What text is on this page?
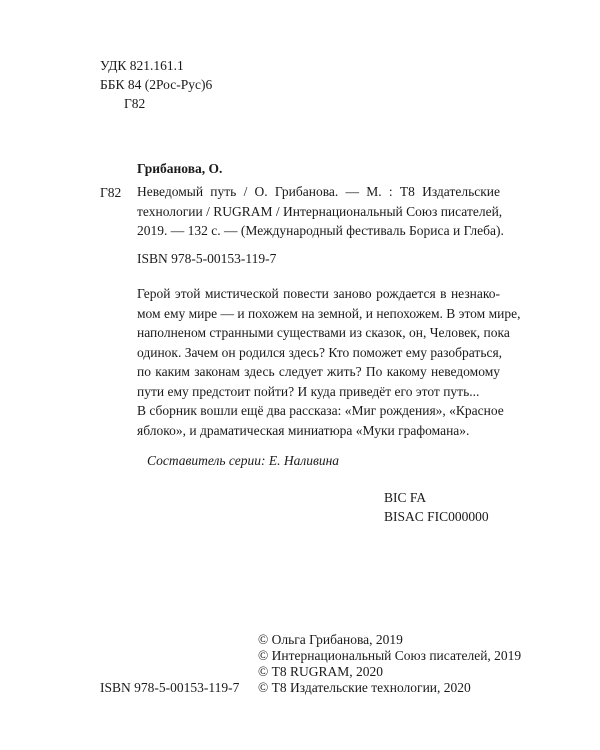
УДК 821.161.1
ББК 84 (2Рос-Рус)6
Г82
Грибанова, О.
Г82 Неведомый путь / О. Грибанова. — М. : Т8 Издательские
технологии / RUGRAM / Интернациональный Союз писателей,
2019. — 132 с. — (Международный фестиваль Бориса и Глеба).
ISBN 978-5-00153-119-7
Герой этой мистической повести заново рождается в незнако-
мом ему мире — и похожем на земной, и непохожем. В этом мире,
наполненом странными существами из сказок, он, Человек, пока
одинок. Зачем он родился здесь? Кто поможет ему разобраться,
по каким законам здесь следует жить? По какому неведомому
пути ему предстоит пойти? И куда приведёт его этот путь...
В сборник вошли ещё два рассказа: «Миг рождения», «Красное
яблоко», и драматическая миниатюра «Муки графомана».
Составитель серии: Е. Наливина
BIC FA
BISAC FIC000000
ISBN 978-5-00153-119-7
© Ольга Грибанова, 2019
© Интернациональный Союз писателей, 2019
© Т8 RUGRAM, 2020
© Т8 Издательские технологии, 2020
